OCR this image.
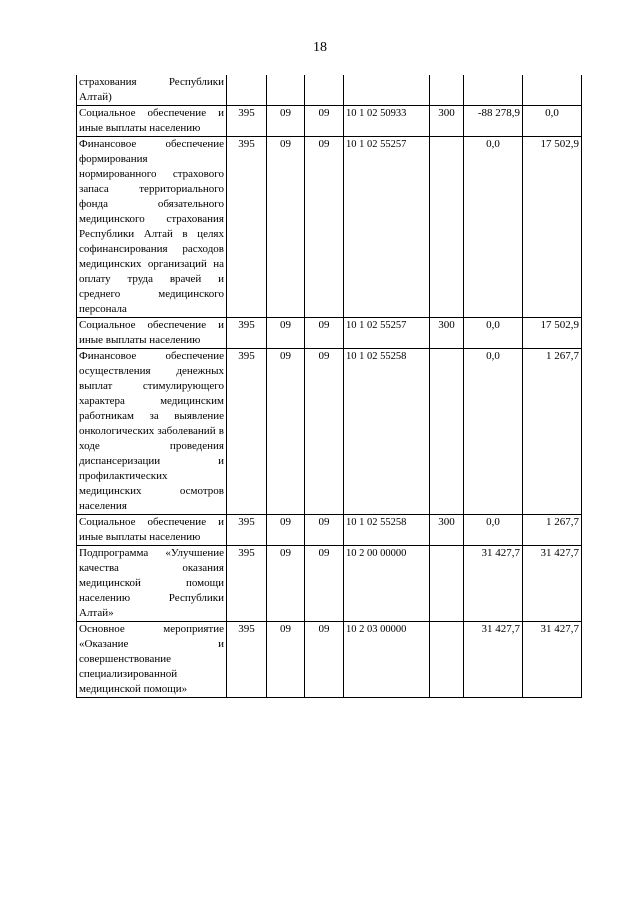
18
страхования Республики Алтай)							
Социальное обеспечение и иные выплаты населению	395	09	09	10 1 02 50933	300	-88 278,9	0,0
Финансовое обеспечение формирования нормированного страхового запаса территориального фонда обязательного медицинского страхования Республики Алтай в целях софинансирования расходов медицинских организаций на оплату труда врачей и среднего медицинского персонала	395	09	09	10 1 02 55257		0,0	17 502,9
Социальное обеспечение и иные выплаты населению	395	09	09	10 1 02 55257	300	0,0	17 502,9
Финансовое обеспечение осуществления денежных выплат стимулирующего характера медицинским работникам за выявление онкологических заболеваний в ходе проведения диспансеризации и профилактических медицинских осмотров населения	395	09	09	10 1 02 55258		0,0	1 267,7
Социальное обеспечение и иные выплаты населению	395	09	09	10 1 02 55258	300	0,0	1 267,7
Подпрограмма «Улучшение качества оказания медицинской помощи населению Республики Алтай»	395	09	09	10 2 00 00000		31 427,7	31 427,7
Основное мероприятие «Оказание и совершенствование специализированной медицинской помощи»	395	09	09	10 2 03 00000		31 427,7	31 427,7
